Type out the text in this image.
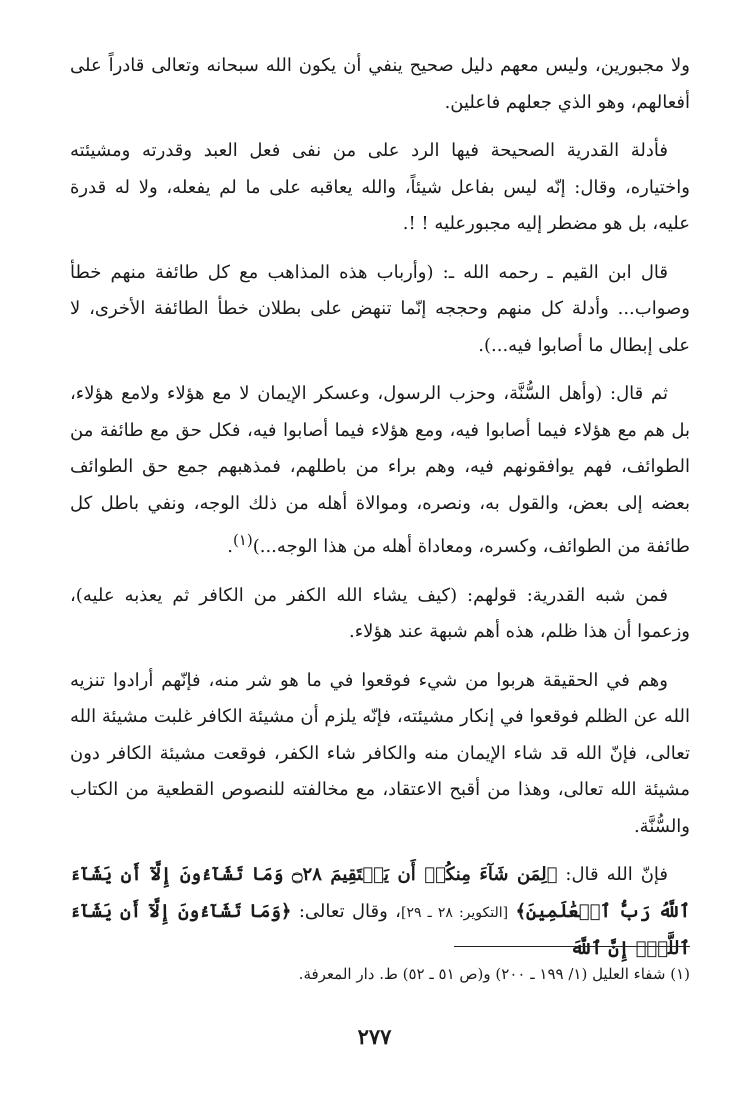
ولا مجبورين، وليس معهم دليل صحيح ينفي أن يكون الله سبحانه وتعالى قادراً على أفعالهم، وهو الذي جعلهم فاعلين.

فأدلة القدرية الصحيحة فيها الرد على من نفى فعل العبد وقدرته ومشيئته واختياره، وقال: إنّه ليس بفاعل شيئاً، والله يعاقبه على ما لم يفعله، ولا له قدرة عليه، بل هو مضطر إليه مجبورعليه ! !.

قال ابن القيم ـ رحمه الله ـ: (وأرباب هذه المذاهب مع كل طائفة منهم خطأ وصواب... وأدلة كل منهم وحججه إنّما تنهض على بطلان خطأ الطائفة الأخرى، لا على إبطال ما أصابوا فيه...).

ثم قال: (وأهل السُّنَّة، وحزب الرسول، وعسكر الإيمان لا مع هؤلاء ولامع هؤلاء، بل هم مع هؤلاء فيما أصابوا فيه، ومع هؤلاء فيما أصابوا فيه، فكل حق مع طائفة من الطوائف، فهم يوافقونهم فيه، وهم براء من باطلهم، فمذهبهم جمع حق الطوائف بعضه إلى بعض، والقول به، ونصره، وموالاة أهله من ذلك الوجه، ونفي باطل كل طائفة من الطوائف، وكسره، ومعاداة أهله من هذا الوجه...)$^{(١)}$.

فمن شبه القدرية: قولهم: (كيف يشاء الله الكفر من الكافر ثم يعذبه عليه)، وزعموا أن هذا ظلم، هذه أهم شبهة عند هؤلاء.

وهم في الحقيقة هربوا من شيء فوقعوا في ما هو شر منه، فإنّهم أرادوا تنزيه الله عن الظلم فوقعوا في إنكار مشيئته، فإنّه يلزم أن مشيئة الكافر غلبت مشيئة الله تعالى، فإنّ الله قد شاء الإيمان منه والكافر شاء الكفر، فوقعت مشيئة الكافر دون مشيئة الله تعالى، وهذا من أقبح الاعتقاد، مع مخالفته للنصوص القطعية من الكتاب والسُّنَّة.

فإنّ الله قال: ﴿لِمَن شَآءَ مِنكُمۡ أَن يَسۡتَقِيمَ ۝٢٨ وَمَا تَشَآءُونَ إِلَّآ أَن يَشَآءَ ٱللَّهُ رَبُّ ٱلۡعَٰلَمِينَ﴾ [التكوير: ٢٨ ـ ٢٩]، وقال تعالى: ﴿وَمَا تَشَآءُونَ إِلَّآ أَن يَشَآءَ ٱللَّهُۚ إِنَّ ٱللَّهَ

(١) شفاء العليل (١/ ١٩٩ ـ ٢٠٠) و(ص ٥١ ـ ٥٢) ط. دار المعرفة.
٢٧٧
